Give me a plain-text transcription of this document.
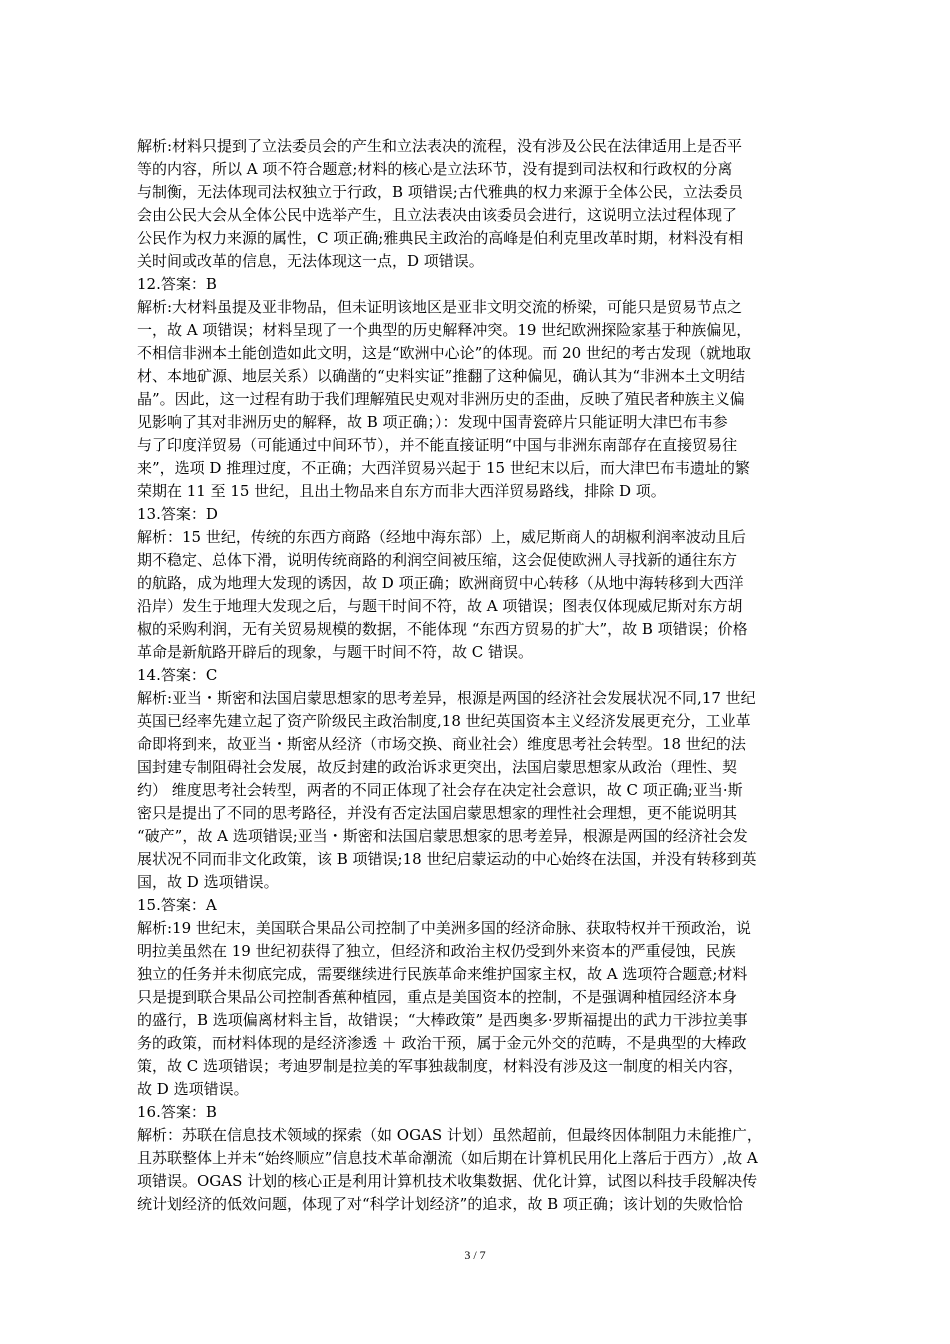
解析:材料只提到了立法委员会的产生和立法表决的流程，没有涉及公民在法律适用上是否平
等的内容，所以 A 项不符合题意;材料的核心是立法环节，没有提到司法权和行政权的分离
与制衡，无法体现司法权独立于行政，B 项错误;古代雅典的权力来源于全体公民，立法委员
会由公民大会从全体公民中选举产生，且立法表决由该委员会进行，这说明立法过程体现了
公民作为权力来源的属性，C 项正确;雅典民主政治的高峰是伯利克里改革时期，材料没有相
关时间或改革的信息，无法体现这一点，D 项错误。
12.答案：B
解析:大材料虽提及亚非物品，但未证明该地区是亚非文明交流的桥梁，可能只是贸易节点之
一，故 A 项错误；材料呈现了一个典型的历史解释冲突。19 世纪欧洲探险家基于种族偏见，
不相信非洲本土能创造如此文明，这是“欧洲中心论”的体现。而 20 世纪的考古发现（就地取
材、本地矿源、地层关系）以确凿的“史料实证”推翻了这种偏见，确认其为“非洲本土文明结
晶”。因此，这一过程有助于我们理解殖民史观对非洲历史的歪曲，反映了殖民者种族主义偏
见影响了其对非洲历史的解释，故 B 项正确；）：发现中国青瓷碎片只能证明大津巴布韦参
与了印度洋贸易（可能通过中间环节），并不能直接证明“中国与非洲东南部存在直接贸易往
来”，选项 D 推理过度，不正确；大西洋贸易兴起于 15 世纪末以后，而大津巴布韦遗址的繁
荣期在 11 至 15 世纪，且出土物品来自东方而非大西洋贸易路线，排除 D 项。
13.答案：D
解析：15 世纪，传统的东西方商路（经地中海东部）上，威尼斯商人的胡椒利润率波动且后
期不稳定、总体下滑，说明传统商路的利润空间被压缩，这会促使欧洲人寻找新的通往东方
的航路，成为地理大发现的诱因，故 D 项正确；欧洲商贸中心转移（从地中海转移到大西洋
沿岸）发生于地理大发现之后，与题干时间不符，故 A 项错误；图表仅体现威尼斯对东方胡
椒的采购利润，无有关贸易规模的数据，不能体现 “东西方贸易的扩大”，故 B 项错误；价格
革命是新航路开辟后的现象，与题干时间不符，故 C 错误。
14.答案：C
解析:亚当・斯密和法国启蒙思想家的思考差异，根源是两国的经济社会发展状况不同,17 世纪
英国已经率先建立起了资产阶级民主政治制度,18 世纪英国资本主义经济发展更充分，工业革
命即将到来，故亚当・斯密从经济（市场交换、商业社会）维度思考社会转型。18 世纪的法
国封建专制阻碍社会发展，故反封建的政治诉求更突出，法国启蒙思想家从政治（理性、契
约） 维度思考社会转型，两者的不同正体现了社会存在决定社会意识，故 C 项正确;亚当·斯
密只是提出了不同的思考路径，并没有否定法国启蒙思想家的理性社会理想，更不能说明其
“破产”，故 A 选项错误;亚当・斯密和法国启蒙思想家的思考差异，根源是两国的经济社会发
展状况不同而非文化政策，该 B 项错误;18 世纪启蒙运动的中心始终在法国，并没有转移到英
国，故 D 选项错误。
15.答案：A
解析:19 世纪末，美国联合果品公司控制了中美洲多国的经济命脉、获取特权并干预政治，说
明拉美虽然在 19 世纪初获得了独立，但经济和政治主权仍受到外来资本的严重侵蚀，民族
独立的任务并未彻底完成，需要继续进行民族革命来维护国家主权，故 A 选项符合题意;材料
只是提到联合果品公司控制香蕉种植园，重点是美国资本的控制，不是强调种植园经济本身
的盛行，B 选项偏离材料主旨，故错误；“大棒政策” 是西奥多·罗斯福提出的武力干涉拉美事
务的政策，而材料体现的是经济渗透 ＋ 政治干预，属于金元外交的范畴，不是典型的大棒政
策，故 C 选项错误；考迪罗制是拉美的军事独裁制度，材料没有涉及这一制度的相关内容，
故 D 选项错误。
16.答案：B
解析：苏联在信息技术领域的探索（如 OGAS 计划）虽然超前，但最终因体制阻力未能推广，
且苏联整体上并未“始终顺应”信息技术革命潮流（如后期在计算机民用化上落后于西方）,故 A
项错误。OGAS 计划的核心正是利用计算机技术收集数据、优化计算，试图以科技手段解决传
统计划经济的低效问题，体现了对“科学计划经济”的追求，故 B 项正确；该计划的失败恰恰
3 / 7
